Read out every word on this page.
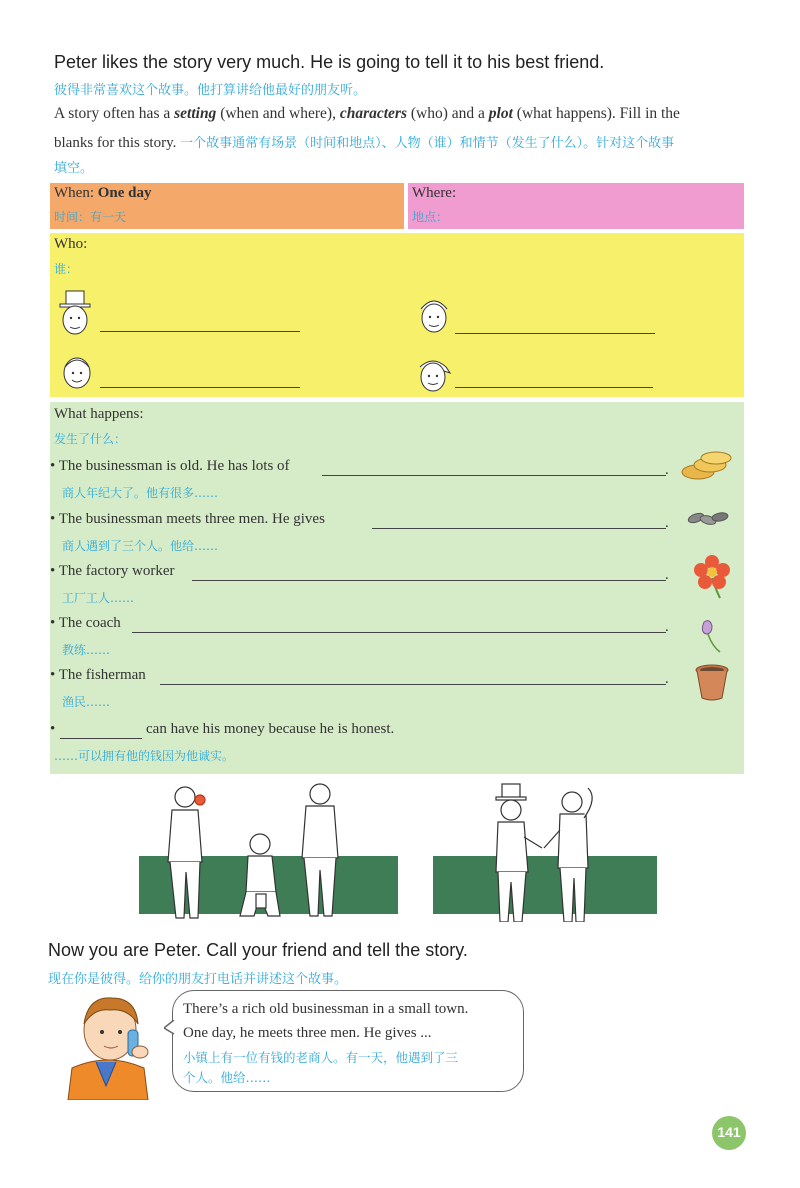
Peter likes the story very much. He is going to tell it to his best friend.
彼得非常喜欢这个故事。他打算讲给他最好的朋友听。
A story often has a setting (when and where), characters (who) and a plot (what happens). Fill in the
blanks for this story. 一个故事通常有场景（时间和地点）、人物（谁）和情节（发生了什么）。针对这个故事
填空。
When: One day
时间：有一天
Where:
地点：
Who:
谁：
What happens:
发生了什么：
• The businessman is old. He has lots of	.
商人年纪大了。他有很多……
• The businessman meets three men. He gives	.
商人遇到了三个人。他给……
• The factory worker	.
工厂工人……
• The coach	.
教练……
• The fisherman	.
渔民……
•	can have his money because he is honest.
……可以拥有他的钱因为他诚实。
Now you are Peter. Call your friend and tell the story.
现在你是彼得。给你的朋友打电话并讲述这个故事。
There’s a rich old businessman in a small town.
One day, he meets three men. He gives ...
小镇上有一位有钱的老商人。有一天，他遇到了三
个人。他给……
141
